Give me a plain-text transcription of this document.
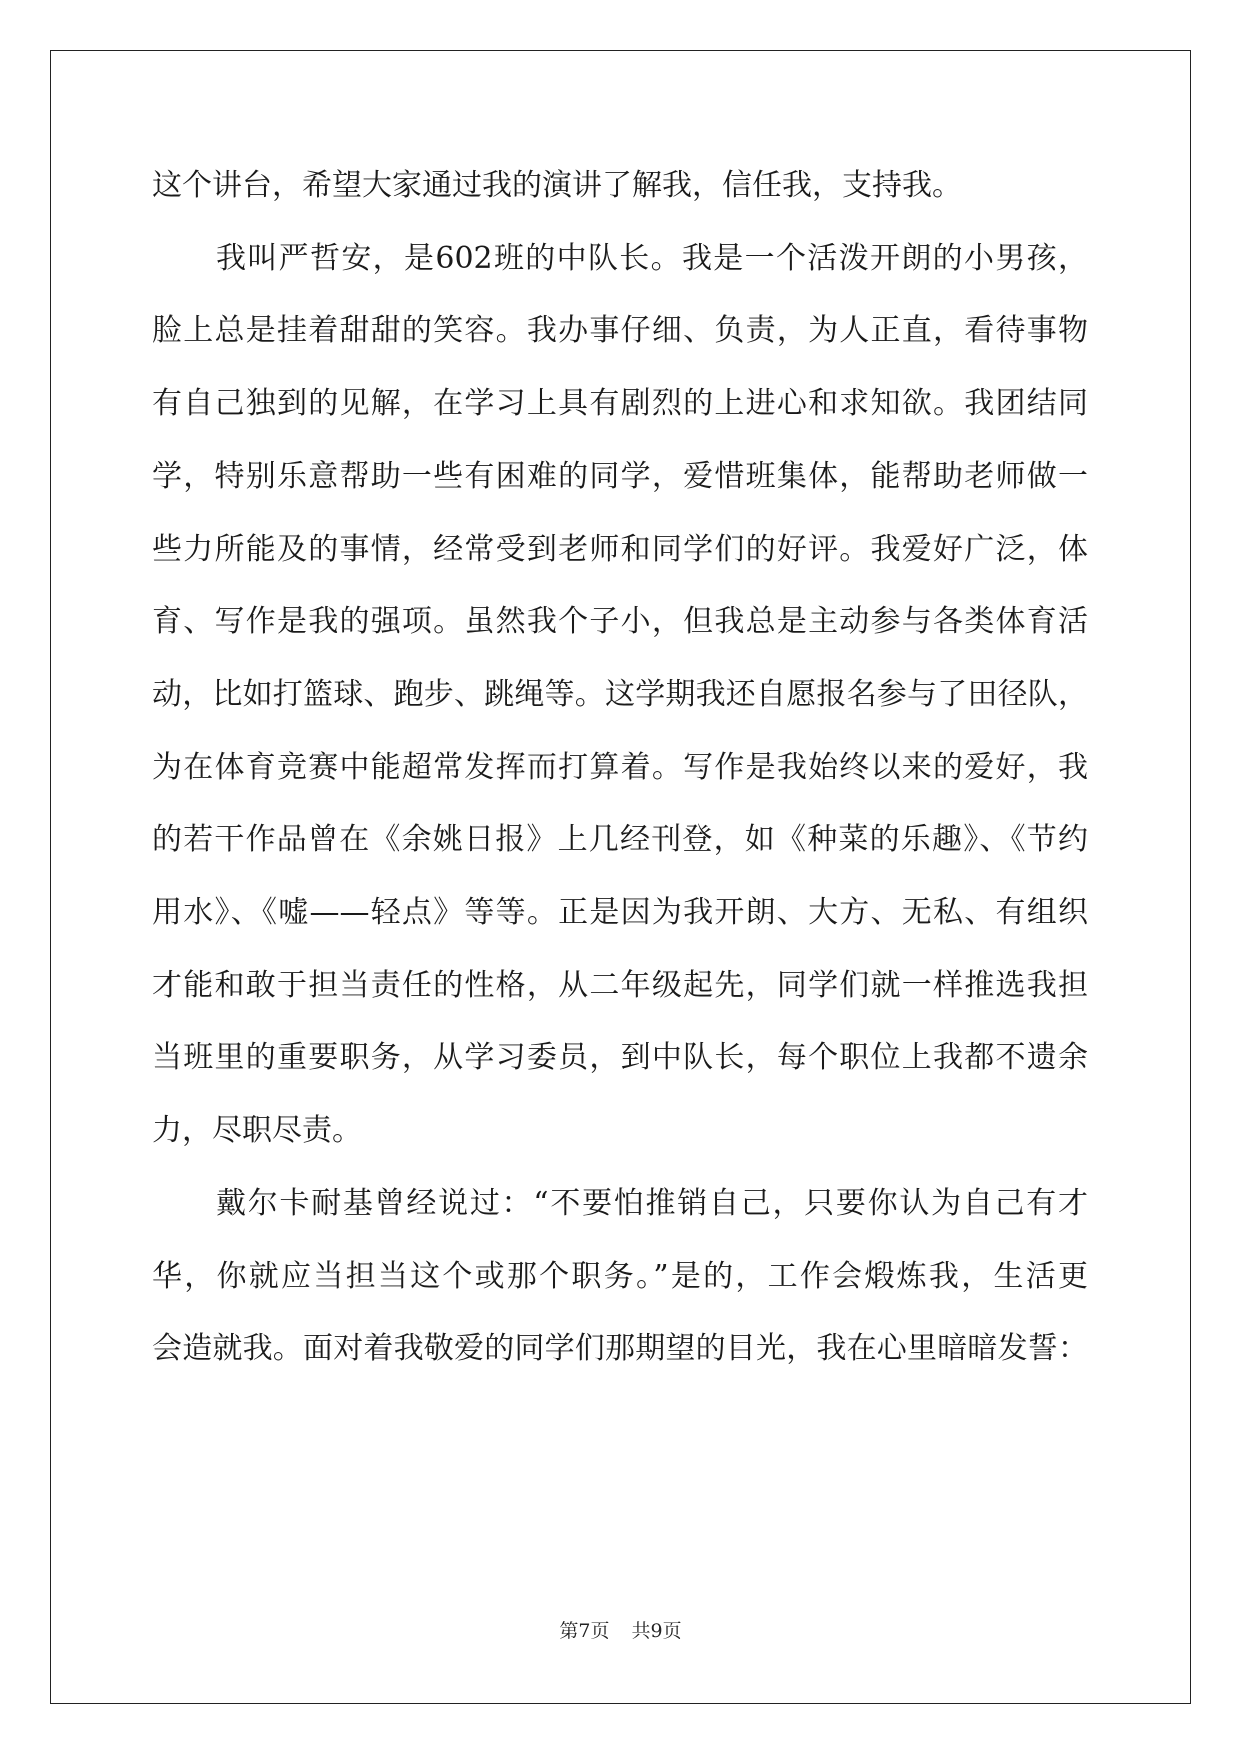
这个讲台，希望大家通过我的演讲了解我，信任我，支持我。
我叫严哲安，是602班的中队长。我是一个活泼开朗的小男孩，
脸上总是挂着甜甜的笑容。我办事仔细、负责，为人正直，看待事物
有自己独到的见解，在学习上具有剧烈的上进心和求知欲。我团结同
学，特别乐意帮助一些有困难的同学，爱惜班集体，能帮助老师做一
些力所能及的事情，经常受到老师和同学们的好评。我爱好广泛，体
育、写作是我的强项。虽然我个子小，但我总是主动参与各类体育活
动，比如打篮球、跑步、跳绳等。这学期我还自愿报名参与了田径队，
为在体育竞赛中能超常发挥而打算着。写作是我始终以来的爱好，我
的若干作品曾在《余姚日报》上几经刊登，如《种菜的乐趣》、《节约
用水》、《嘘——轻点》等等。正是因为我开朗、大方、无私、有组织
才能和敢于担当责任的性格，从二年级起先，同学们就一样推选我担
当班里的重要职务，从学习委员，到中队长，每个职位上我都不遗余
力，尽职尽责。
戴尔卡耐基曾经说过：“不要怕推销自己，只要你认为自己有才
华，你就应当担当这个或那个职务。”是的，工作会煅炼我，生活更
会造就我。面对着我敬爱的同学们那期望的目光，我在心里暗暗发誓：
第7页 共9页
